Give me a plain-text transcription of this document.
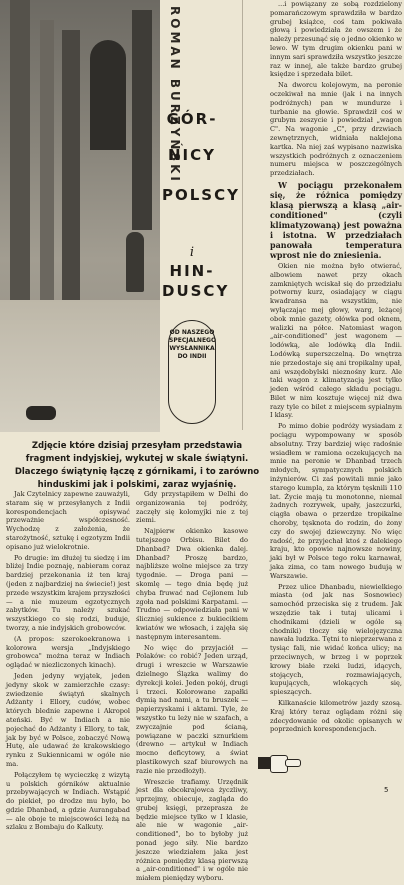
ROMAN BURZYŃSKI
GÓR-
NICY
POLSCY
i
HIN-
DUSCY
OD NASZEGO SPECJALNEGO WYSŁANNIKA DO INDII

...i powiązany ze sobą rozdzielony pomarańczowym sprawdziła w bardzo grubej książce, coś tam pokiwała głową i powiedziała że owszem i że należy przesunąć się o jedno okienko w lewo. W tym drugim okienku pani w innym sari sprawdziła wszystko jeszcze raz w innej, ale także bardzo grubej księdze i sprzedała bilet.

Na dworcu kolejowym, na peronie oczekiwał na mnie (jak i na innych podróżnych) pan w mundurze i turbanie na głowie. Sprawdził coś w grubym zeszycie i powiedział „wagon C". Na wagonie „C", przy drzwiach zewnętrznych, widniała naklejona kartka. Na niej zaś wypisano nazwiska wszystkich podróżnych z oznaczeniem numeru miejsca w poszczególnych przedziałach.

W pociągu przekonałem się, że różnica pomiędzy klasą pierwszą a klasą „air-conditioned" (czyli klimatyzowaną) jest poważna i istotna. W przedziałach panowała temperatura wprost nie do zniesienia.

Okien nie można było otwierać, albowiem nawet przy okach zamkniętych wciskał się do przedziału potworny kurz, osiadający w ciągu kwadransa na wszystkim, nie wyłączając mej głowy, warg, leżącej obok mnie gazety, ołówka pod oknem, walizki na półce. Natomiast wagon „air-conditioned" jest wagonem — lodówką, ale lodówką dla Indii. Lodówką superszczelną. Do wnętrza nie przedostaje się ani tropikalny upał, ani wszędobylski nieznośny kurz. Ale taki wagon z klimatyzacją jest tylko jeden wśród całego składu pociągu. Bilet w nim kosztuje więcej niż dwa razy tyle co bilet z miejscem sypialnym I klasy.

Po mimo dobie podróży wysiadam z pociągu wypompowany w sposób absolutny. Trzy bardziej więc radośnie wsiadłem w ramiona oczekujących na mnie na peronie w Dhanbad trzech młodych, sympatycznych polskich inżynierów. Ci zaś powitali mnie jako starego kumpla, za którym tęsknili 110 lat. Życie mają tu monotonne, niemal żadnych rozrywek, upały, jaszczurki, ciągła obawa o przerdze tropikalne choroby, tęsknota do rodzin, do żony czy do swojej dziewczyny. No więc radość, że przyjechał ktoś z dalekiego kraju, kto opowie najnowsze nowiny, jaki był w Polsce tego roku karnawał, jaka zima, co tam nowego budują w Warszawie.

Przez ulice Dhanbadu, niewielkiego miasta (od jak nas Sosnowiec) samochód przeciska się z trudem. Jak wszędzie tak i tutaj ulicami i chodnikami (dzieli w ogóle są chodniki) tłoczy się wielojęzyczna nawała ludzka. Tętni to nieprzerwana z tysiąc fali, nie widać końca ulicy; na przeciwnych, w brzeg i w poprzek krowy białe rzeki ludzi, idących, stojących, rozmawiających, kupujących, wlokących się, spieszących.

Kilkanaście kilometrów jazdy szosą. Kraj który teraz oglądam różni się zdecydowanie od okolic opisanych w poprzednich korespondencjach.

Zdjęcie które dzisiaj przesyłam przedstawia fragment indyjskiej, wykutej w skale świątyni. Dlaczego świątynię łączę z górnikami, i to zarówno hinduskimi jak i polskimi, zaraz wyjaśnię.

Jak Czytelnicy zapewne zauważyli, staram się w przesyłanych z Indii korespondencjach opisywać przeważnie współczesność. Wychodzę z założenia, że starożytność, sztukę i egzotyzm Indii opisano już wielokrotnie.

Po drugie: im dłużej tu siedzę i im bliżej Indie poznaję, nabieram coraz bardziej przekonania iż ten kraj (jeden z najbardziej na świecie!) jest przede wszystkim krajem przyszłości — a nie muzeum egzotycznych zabytków. Tu należy szukać wszystkiego co się rodzi, buduje, tworzy, a nie indyjskich grobowców.

(A propos: szerokoekranowa i kolorowa wersja „Indyjskiego grobowca" można teraz w Indiach oglądać w niezliczonych kinach).

Jeden jedyny wyjątek, jeden jedyny skok w zamierzchłe czasy: zwiedzenie świątyń skalnych Adżanty i Ellory, cudów, wobec których blednie zapewne i Akropol ateński. Być w Indiach a nie pojechać do Adżanty i Ellory, to tak, jak by być w Polsce, zobaczyć Nową Hutę, ale udawać że krakowskiego rynku z Sukiennicami w ogóle nie ma.

Połączyłem tę wycieczkę z wizytą u polskich górników aktualnie przebywających w Indiach. Wstąpić do piekieł, po drodze mu było, bo gdzie Dhanbad, a gdzie Aurangabad — ale oboje te miejscowości leżą na szlaku z Bombaju do Kalkuty.

Gdy przystąpiłem w Delhi do organizowania tej podróży, zaczęły się kolomyjki nie z tej ziemi.

Najpierw okienko kasowe tutejszego Orbisu. Bilet do Dhanbad? Dwa okienka dalej. Dhanbad? Proszę bardzo, najbliższe wolne miejsce za trzy tygodnie. — Droga pani — skomlę — tego dnia będę już chyba fruwać nad Cejlonem lub zgoła nad polskimi Karpatami. — Trudno — odpowiedziała pani w śliczniej sukience z bukiecikiem kwiatów we włosach, i zajęła się następnym interesantem.

No więc do przyjaciół — Polaków: co robić? Jeden urząd, drugi i wreszcie w Warszawie dzielnego Ślązka walimy do dyrekcji kolei. Jeden pokój, drugi i trzeci. Kolorowane zapałki dymią nad nami, a tu bruszek — papierzyskami i aktami. Tyle, że wszystko tu leży nie w szafach, a zwyczajnie pod ścianą, powiązane w paczki sznurkiem (drewno — artykuł w Indiach mocno deficytowy, a świat plastikowych szaf biurowych na razie nie przedłożył).

Wreszcie trafiamy. Urzędnik jest dla obcokrajowca życzliwy, uprzejmy, obiecuje, zagląda do grubej księgi, przeprasza że będzie miejsce tylko w I klasie, ale nie w wagonie „air-conditioned", bo to byłoby już ponad jego siły. Nie bardzo jeszcze wiedziałem jaka jest różnica pomiędzy klasą pierwszą a „air-conditioned" i w ogóle nie miałem pieniędzy wyboru.

5
